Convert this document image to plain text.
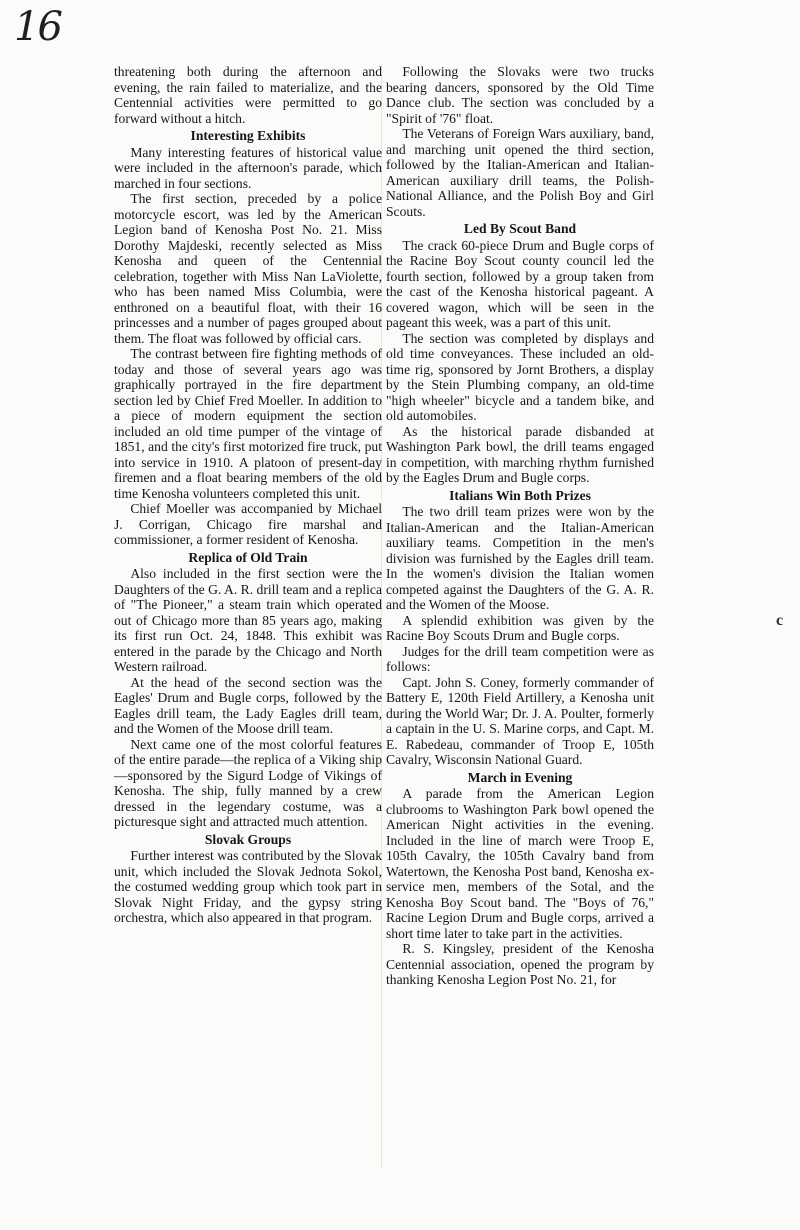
16

threatening both during the afternoon and evening, the rain failed to materialize, and the Centennial activities were permitted to go forward without a hitch.

Interesting Exhibits

Many interesting features of historical value were included in the afternoon's parade, which marched in four sections.

The first section, preceded by a police motorcycle escort, was led by the American Legion band of Kenosha Post No. 21. Miss Dorothy Majdeski, recently selected as Miss Kenosha and queen of the Centennial celebration, together with Miss Nan LaViolette, who has been named Miss Columbia, were enthroned on a beautiful float, with their 16 princesses and a number of pages grouped about them. The float was followed by official cars.

The contrast between fire fighting methods of today and those of several years ago was graphically portrayed in the fire department section led by Chief Fred Moeller. In addition to a piece of modern equipment the section included an old time pumper of the vintage of 1851, and the city's first motorized fire truck, put into service in 1910. A platoon of present-day firemen and a float bearing members of the old time Kenosha volunteers completed this unit.

Chief Moeller was accompanied by Michael J. Corrigan, Chicago fire marshal and commissioner, a former resident of Kenosha.

Replica of Old Train

Also included in the first section were the Daughters of the G. A. R. drill team and a replica of "The Pioneer," a steam train which operated out of Chicago more than 85 years ago, making its first run Oct. 24, 1848. This exhibit was entered in the parade by the Chicago and North Western railroad.

At the head of the second section was the Eagles' Drum and Bugle corps, followed by the Eagles drill team, the Lady Eagles drill team, and the Women of the Moose drill team.

Next came one of the most colorful features of the entire parade—the replica of a Viking ship—sponsored by the Sigurd Lodge of Vikings of Kenosha. The ship, fully manned by a crew dressed in the legendary costume, was a picturesque sight and attracted much attention.

Slovak Groups

Further interest was contributed by the Slovak unit, which included the Slovak Jednota Sokol, the costumed wedding group which took part in Slovak Night Friday, and the gypsy string orchestra, which also appeared in that program.

Following the Slovaks were two trucks bearing dancers, sponsored by the Old Time Dance club. The section was concluded by a "Spirit of '76" float.

The Veterans of Foreign Wars auxiliary, band, and marching unit opened the third section, followed by the Italian-American and Italian-American auxiliary drill teams, the Polish-National Alliance, and the Polish Boy and Girl Scouts.

Led By Scout Band

The crack 60-piece Drum and Bugle corps of the Racine Boy Scout county council led the fourth section, followed by a group taken from the cast of the Kenosha historical pageant. A covered wagon, which will be seen in the pageant this week, was a part of this unit.

The section was completed by displays and old time conveyances. These included an old-time rig, sponsored by Jornt Brothers, a display by the Stein Plumbing company, an old-time "high wheeler" bicycle and a tandem bike, and old automobiles.

As the historical parade disbanded at Washington Park bowl, the drill teams engaged in competition, with marching rhythm furnished by the Eagles Drum and Bugle corps.

Italians Win Both Prizes

The two drill team prizes were won by the Italian-American and the Italian-American auxiliary teams. Competition in the men's division was furnished by the Eagles drill team. In the women's division the Italian women competed against the Daughters of the G. A. R. and the Women of the Moose.

A splendid exhibition was given by the Racine Boy Scouts Drum and Bugle corps.

Judges for the drill team competition were as follows:

Capt. John S. Coney, formerly commander of Battery E, 120th Field Artillery, a Kenosha unit during the World War; Dr. J. A. Poulter, formerly a captain in the U. S. Marine corps, and Capt. M. E. Rabedeau, commander of Troop E, 105th Cavalry, Wisconsin National Guard.

March in Evening

A parade from the American Legion clubrooms to Washington Park bowl opened the American Night activities in the evening. Included in the line of march were Troop E, 105th Cavalry, the 105th Cavalry band from Watertown, the Kenosha Post band, Kenosha ex-service men, members of the Sotal, and the Kenosha Boy Scout band. The "Boys of 76," Racine Legion Drum and Bugle corps, arrived a short time later to take part in the activities.

R. S. Kingsley, president of the Kenosha Centennial association, opened the program by thanking Kenosha Legion Post No. 21, for

c
